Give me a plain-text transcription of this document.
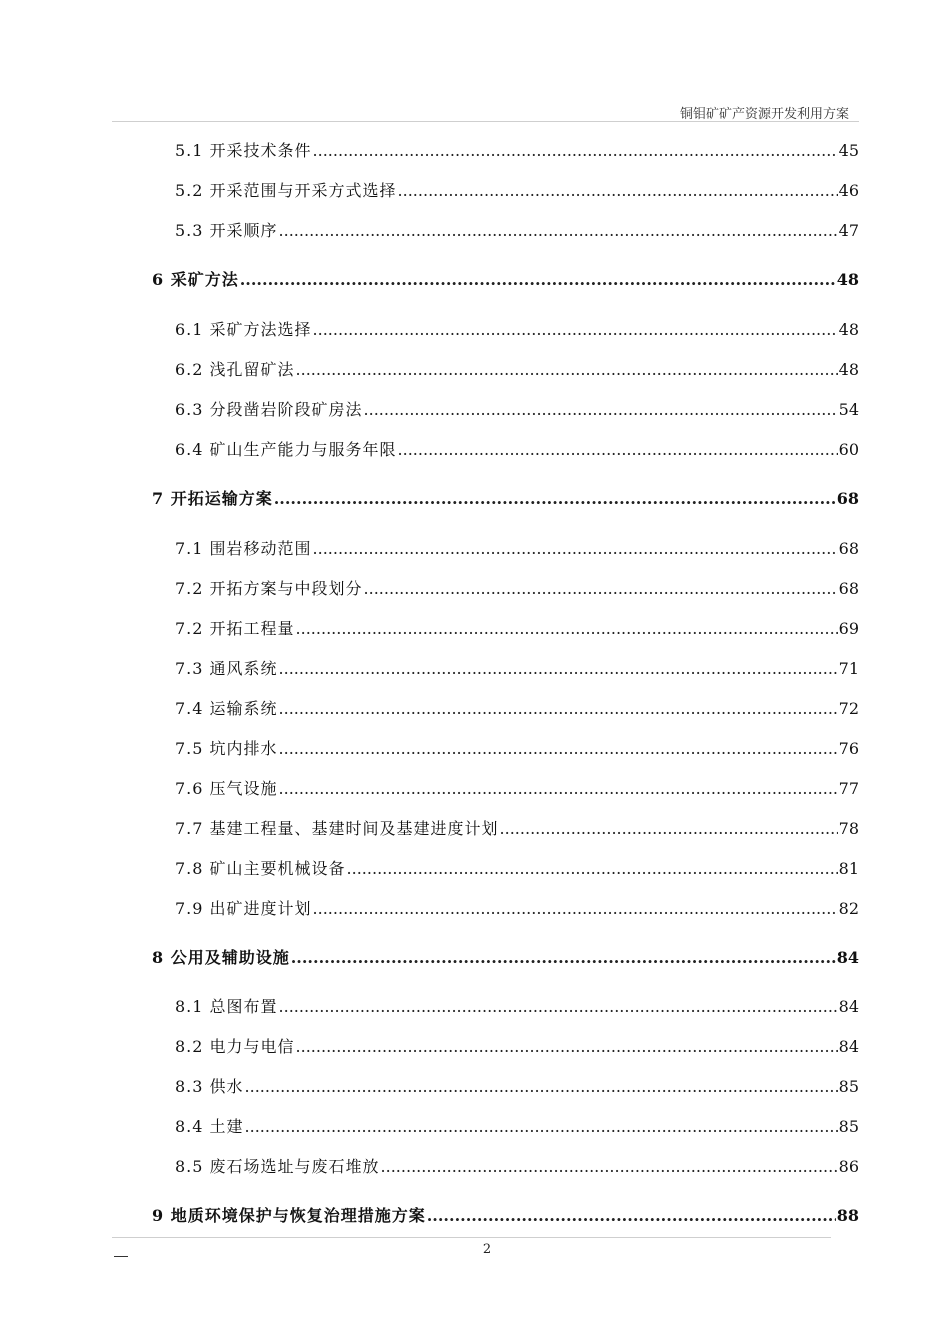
铜钼矿矿产资源开发利用方案
5.1 开采技术条件 .....	45
5.2 开采范围与开采方式选择 .....	46
5.3 开采顺序 .....	47
6 采矿方法 .....	48
6.1 采矿方法选择 .....	48
6.2 浅孔留矿法 .....	48
6.3 分段凿岩阶段矿房法 .....	54
6.4 矿山生产能力与服务年限 .....	60
7 开拓运输方案 .....	68
7.1 围岩移动范围 .....	68
7.2 开拓方案与中段划分 .....	68
7.2 开拓工程量 .....	69
7.3 通风系统 .....	71
7.4 运输系统 .....	72
7.5 坑内排水 .....	76
7.6 压气设施 .....	77
7.7 基建工程量、基建时间及基建进度计划 .....	78
7.8 矿山主要机械设备 .....	81
7.9 出矿进度计划 .....	82
8 公用及辅助设施 .....	84
8.1 总图布置 .....	84
8.2 电力与电信 .....	84
8.3 供水 .....	85
8.4 土建 .....	85
8.5 废石场选址与废石堆放 .....	86
9 地质环境保护与恢复治理措施方案 .....	88
2
